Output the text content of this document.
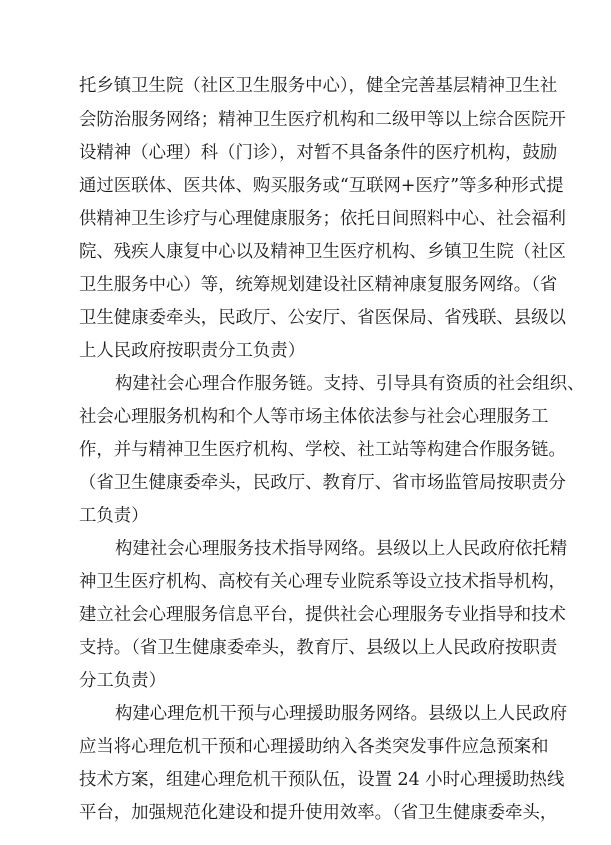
托乡镇卫生院（社区卫生服务中心），健全完善基层精神卫生社
会防治服务网络；精神卫生医疗机构和二级甲等以上综合医院开
设精神（心理）科（门诊），对暂不具备条件的医疗机构，鼓励
通过医联体、医共体、购买服务或“互联网+医疗”等多种形式提
供精神卫生诊疗与心理健康服务；依托日间照料中心、社会福利
院、残疾人康复中心以及精神卫生医疗机构、乡镇卫生院（社区
卫生服务中心）等，统筹规划建设社区精神康复服务网络。（省
卫生健康委牵头，民政厅、公安厅、省医保局、省残联、县级以
上人民政府按职责分工负责）
构建社会心理合作服务链。支持、引导具有资质的社会组织、
社会心理服务机构和个人等市场主体依法参与社会心理服务工
作，并与精神卫生医疗机构、学校、社工站等构建合作服务链。
（省卫生健康委牵头，民政厅、教育厅、省市场监管局按职责分
工负责）
构建社会心理服务技术指导网络。县级以上人民政府依托精
神卫生医疗机构、高校有关心理专业院系等设立技术指导机构，
建立社会心理服务信息平台，提供社会心理服务专业指导和技术
支持。（省卫生健康委牵头，教育厅、县级以上人民政府按职责
分工负责）
构建心理危机干预与心理援助服务网络。县级以上人民政府
应当将心理危机干预和心理援助纳入各类突发事件应急预案和
技术方案，组建心理危机干预队伍，设置 24 小时心理援助热线
平台，加强规范化建设和提升使用效率。（省卫生健康委牵头，
